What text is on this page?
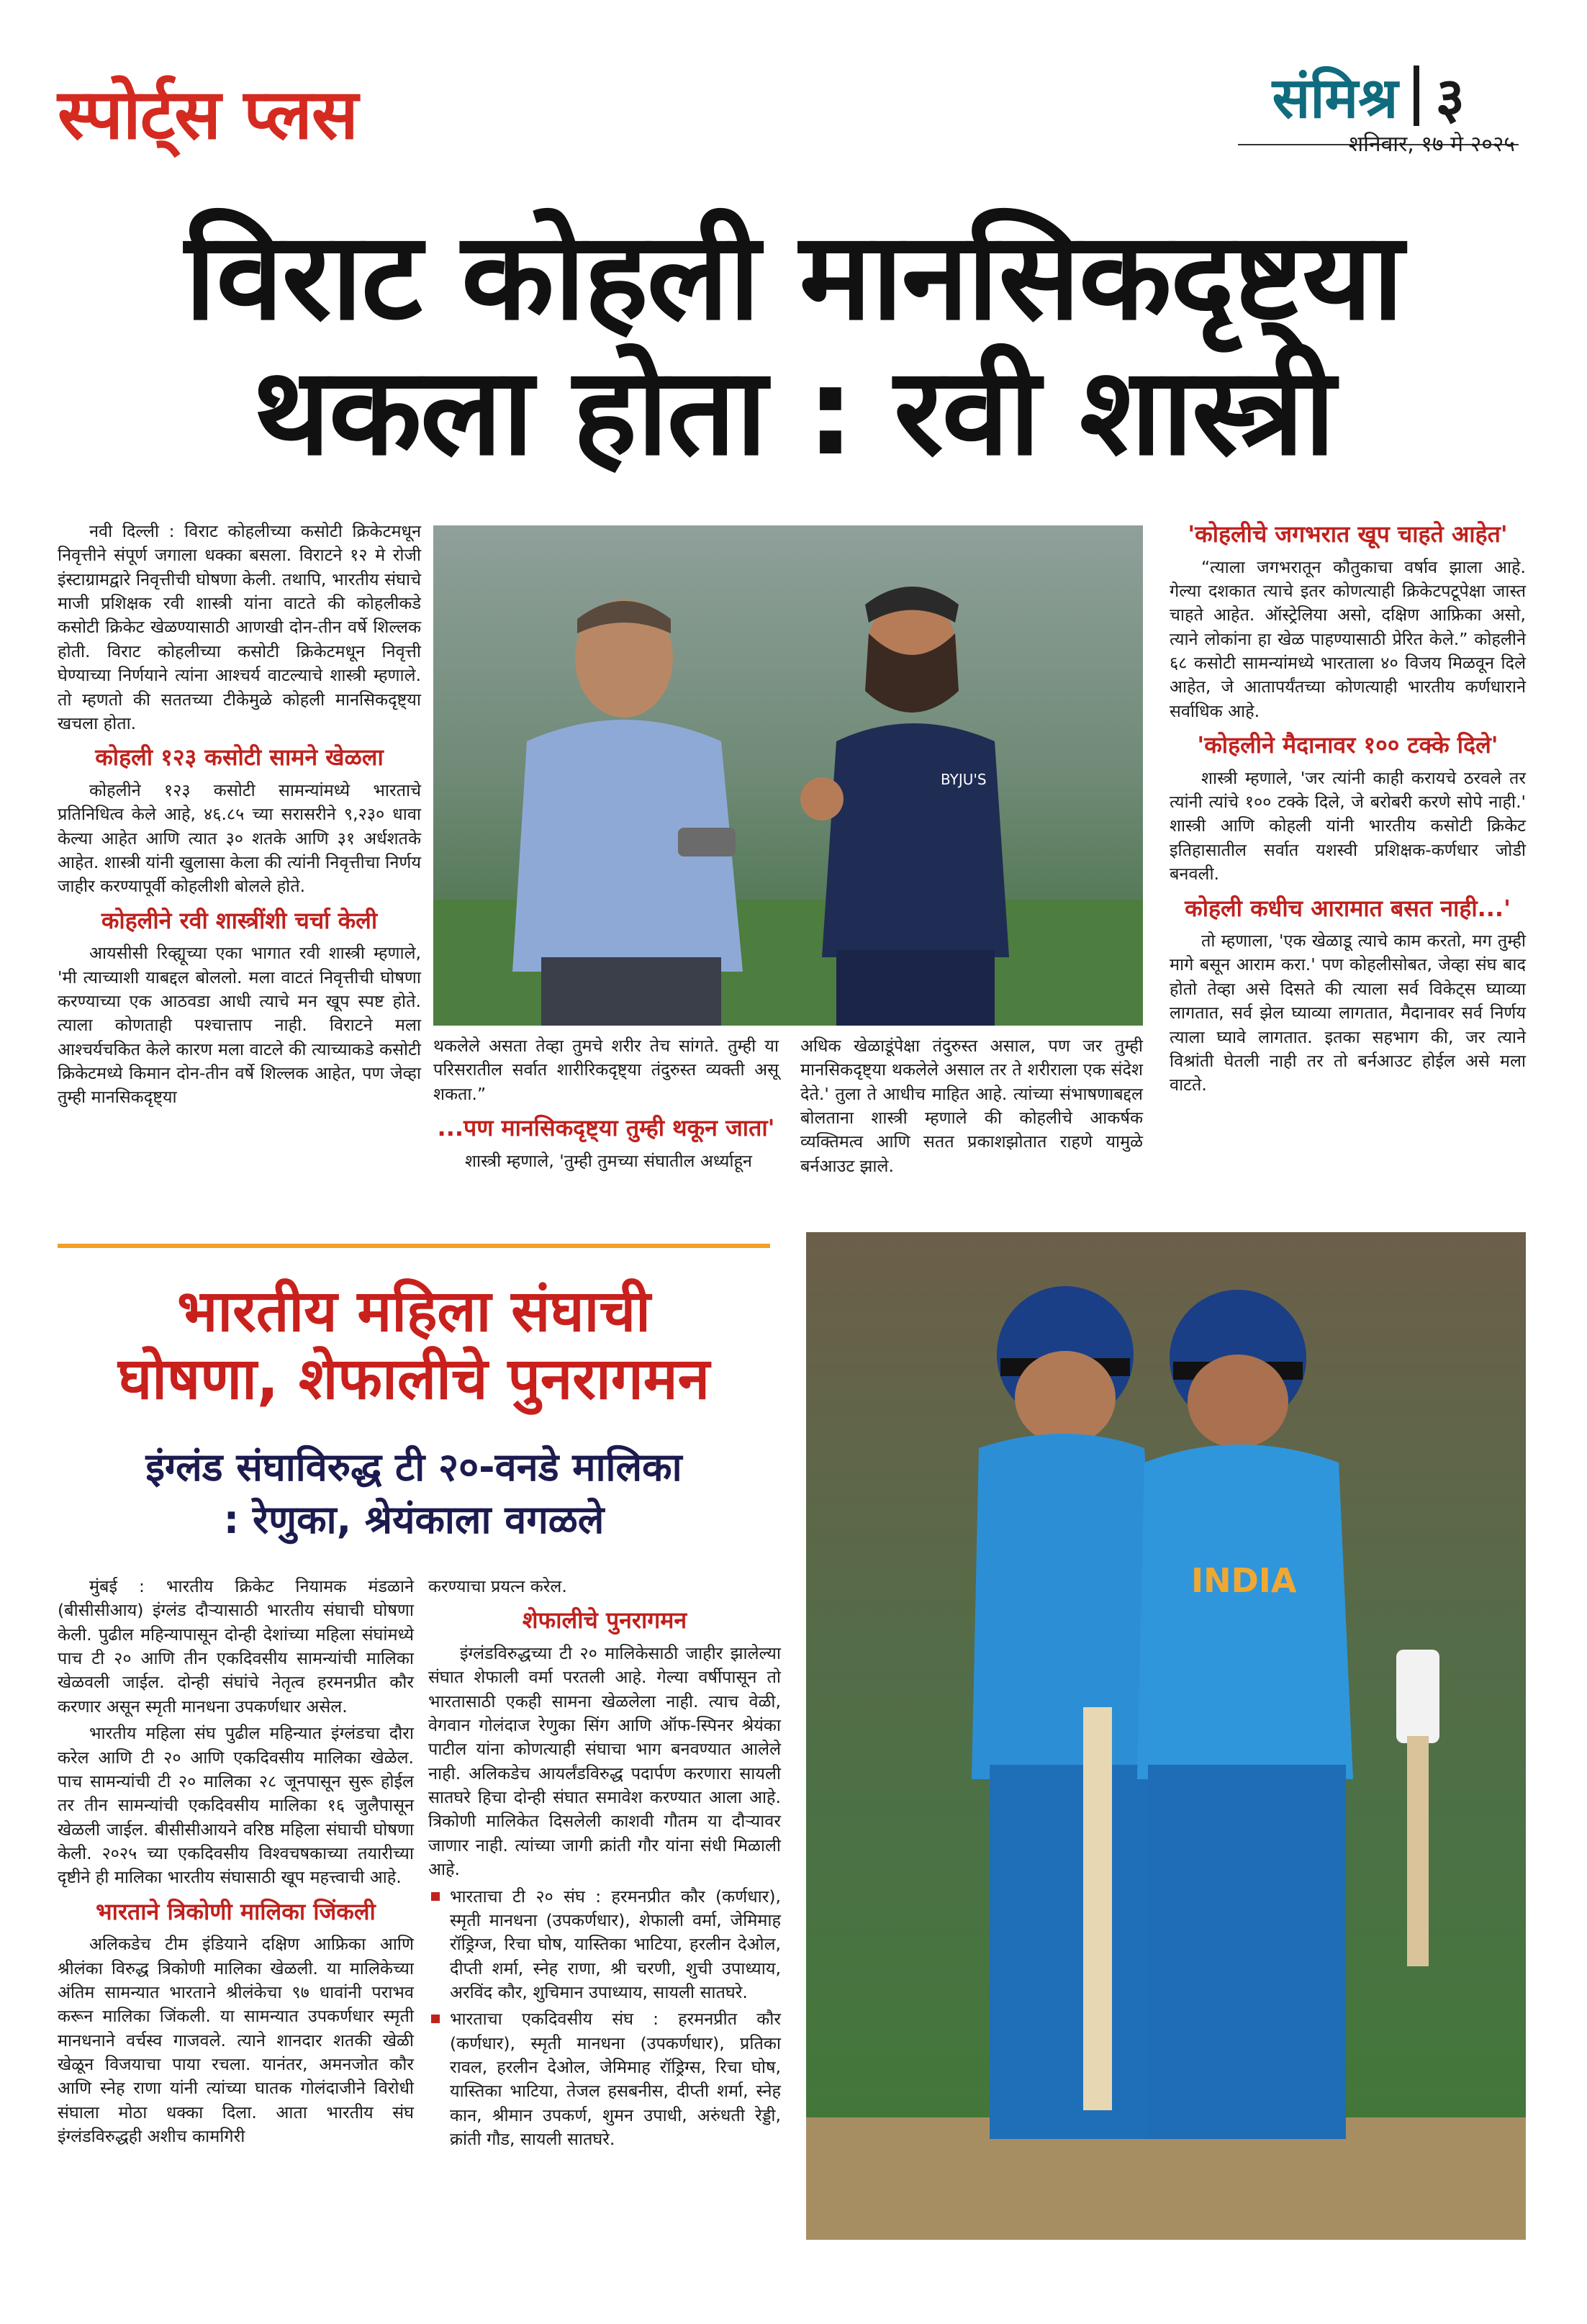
स्पोर्ट्स प्लस	संमिश्र ३
शनिवार, १७ मे २०२५
विराट कोहली मानसिकदृष्ट्या
थकला होता : रवी शास्त्री

नवी दिल्ली : विराट कोहलीच्या कसोटी क्रिकेटमधून निवृत्तीने संपूर्ण जगाला धक्का बसला. विराटने १२ मे रोजी इंस्टाग्रामद्वारे निवृत्तीची घोषणा केली. तथापि, भारतीय संघाचे माजी प्रशिक्षक रवी शास्त्री यांना वाटते की कोहलीकडे कसोटी क्रिकेट खेळण्यासाठी आणखी दोन-तीन वर्षे शिल्लक होती. विराट कोहलीच्या कसोटी क्रिकेटमधून निवृत्ती घेण्याच्या निर्णयाने त्यांना आश्चर्य वाटल्याचे शास्त्री म्हणाले. तो म्हणतो की सततच्या टीकेमुळे कोहली मानसिकदृष्ट्या खचला होता.

कोहली १२३ कसोटी सामने खेळला

कोहलीने १२३ कसोटी सामन्यांमध्ये भारताचे प्रतिनिधित्व केले आहे, ४६.८५ च्या सरासरीने ९,२३० धावा केल्या आहेत आणि त्यात ३० शतके आणि ३१ अर्धशतके आहेत. शास्त्री यांनी खुलासा केला की त्यांनी निवृत्तीचा निर्णय जाहीर करण्यापूर्वी कोहलीशी बोलले होते.

कोहलीने रवी शास्त्रींशी चर्चा केली

आयसीसी रिव्ह्यूच्या एका भागात रवी शास्त्री म्हणाले, 'मी त्याच्याशी याबद्दल बोललो. मला वाटतं निवृत्तीची घोषणा करण्याच्या एक आठवडा आधी त्याचे मन खूप स्पष्ट होते. त्याला कोणताही पश्चात्ताप नाही. विराटने मला आश्चर्यचकित केले कारण मला वाटले की त्याच्याकडे कसोटी क्रिकेटमध्ये किमान दोन-तीन वर्षे शिल्लक आहेत, पण जेव्हा तुम्ही मानसिकदृष्ट्या

BYJU'S

थकलेले असता तेव्हा तुमचे शरीर तेच सांगते. तुम्ही या परिसरातील सर्वात शारीरिकदृष्ट्या तंदुरुस्त व्यक्ती असू शकता.”

...पण मानसिकदृष्ट्या तुम्ही थकून जाता'

शास्त्री म्हणाले, 'तुम्ही तुमच्या संघातील अर्ध्याहून

अधिक खेळाडूंपेक्षा तंदुरुस्त असाल, पण जर तुम्ही मानसिकदृष्ट्या थकलेले असाल तर ते शरीराला एक संदेश देते.' तुला ते आधीच माहित आहे. त्यांच्या संभाषणाबद्दल बोलताना शास्त्री म्हणाले की कोहलीचे आकर्षक व्यक्तिमत्व आणि सतत प्रकाशझोतात राहणे यामुळे बर्नआउट झाले.

'कोहलीचे जगभरात खूप चाहते आहेत'

“त्याला जगभरातून कौतुकाचा वर्षाव झाला आहे. गेल्या दशकात त्याचे इतर कोणत्याही क्रिकेटपटूपेक्षा जास्त चाहते आहेत. ऑस्ट्रेलिया असो, दक्षिण आफ्रिका असो, त्याने लोकांना हा खेळ पाहण्यासाठी प्रेरित केले.” कोहलीने ६८ कसोटी सामन्यांमध्ये भारताला ४० विजय मिळवून दिले आहेत, जे आतापर्यंतच्या कोणत्याही भारतीय कर्णधाराने सर्वाधिक आहे.

'कोहलीने मैदानावर १०० टक्के दिले'

शास्त्री म्हणाले, 'जर त्यांनी काही करायचे ठरवले तर त्यांनी त्यांचे १०० टक्के दिले, जे बरोबरी करणे सोपे नाही.' शास्त्री आणि कोहली यांनी भारतीय कसोटी क्रिकेट इतिहासातील सर्वात यशस्वी प्रशिक्षक-कर्णधार जोडी बनवली.

कोहली कधीच आरामात बसत नाही...'

तो म्हणाला, 'एक खेळाडू त्याचे काम करतो, मग तुम्ही मागे बसून आराम करा.' पण कोहलीसोबत, जेव्हा संघ बाद होतो तेव्हा असे दिसते की त्याला सर्व विकेट्स घ्याव्या लागतात, सर्व झेल घ्याव्या लागतात, मैदानावर सर्व निर्णय त्याला घ्यावे लागतात. इतका सहभाग की, जर त्याने विश्रांती घेतली नाही तर तो बर्नआउट होईल असे मला वाटते.

भारतीय महिला संघाची
घोषणा, शेफालीचे पुनरागमन
इंग्लंड संघाविरुद्ध टी २०-वनडे मालिका
: रेणुका, श्रेयंकाला वगळले

मुंबई : भारतीय क्रिकेट नियामक मंडळाने (बीसीसीआय) इंग्लंड दौऱ्यासाठी भारतीय संघाची घोषणा केली. पुढील महिन्यापासून दोन्ही देशांच्या महिला संघांमध्ये पाच टी २० आणि तीन एकदिवसीय सामन्यांची मालिका खेळवली जाईल. दोन्ही संघांचे नेतृत्व हरमनप्रीत कौर करणार असून स्मृती मानधना उपकर्णधार असेल.

भारतीय महिला संघ पुढील महिन्यात इंग्लंडचा दौरा करेल आणि टी २० आणि एकदिवसीय मालिका खेळेल. पाच सामन्यांची टी २० मालिका २८ जूनपासून सुरू होईल तर तीन सामन्यांची एकदिवसीय मालिका १६ जुलैपासून खेळली जाईल. बीसीसीआयने वरिष्ठ महिला संघाची घोषणा केली. २०२५ च्या एकदिवसीय विश्वचषकाच्या तयारीच्या दृष्टीने ही मालिका भारतीय संघासाठी खूप महत्त्वाची आहे.

भारताने त्रिकोणी मालिका जिंकली

अलिकडेच टीम इंडियाने दक्षिण आफ्रिका आणि श्रीलंका विरुद्ध त्रिकोणी मालिका खेळली. या मालिकेच्या अंतिम सामन्यात भारताने श्रीलंकेचा ९७ धावांनी पराभव करून मालिका जिंकली. या सामन्यात उपकर्णधार स्मृती मानधनाने वर्चस्व गाजवले. त्याने शानदार शतकी खेळी खेळून विजयाचा पाया रचला. यानंतर, अमनजोत कौर आणि स्नेह राणा यांनी त्यांच्या घातक गोलंदाजीने विरोधी संघाला मोठा धक्का दिला. आता भारतीय संघ इंग्लंडविरुद्धही अशीच कामगिरी

करण्याचा प्रयत्न करेल.

शेफालीचे पुनरागमन

इंग्लंडविरुद्धच्या टी २० मालिकेसाठी जाहीर झालेल्या संघात शेफाली वर्मा परतली आहे. गेल्या वर्षीपासून तो भारतासाठी एकही सामना खेळलेला नाही. त्याच वेळी, वेगवान गोलंदाज रेणुका सिंग आणि ऑफ-स्पिनर श्रेयंका पाटील यांना कोणत्याही संघाचा भाग बनवण्यात आलेले नाही. अलिकडेच आयर्लंडविरुद्ध पदार्पण करणारा सायली सातघरे हिचा दोन्ही संघात समावेश करण्यात आला आहे. त्रिकोणी मालिकेत दिसलेली काशवी गौतम या दौऱ्यावर जाणार नाही. त्यांच्या जागी क्रांती गौर यांना संधी मिळाली आहे.

भारताचा टी २० संघ : हरमनप्रीत कौर (कर्णधार), स्मृती मानधना (उपकर्णधार), शेफाली वर्मा, जेमिमाह रॉड्रिग्ज, रिचा घोष, यास्तिका भाटिया, हरलीन देओल, दीप्ती शर्मा, स्नेह राणा, श्री चरणी, शुची उपाध्याय, अरविंद कौर, शुचिमान उपाध्याय, सायली सातघरे.

भारताचा एकदिवसीय संघ : हरमनप्रीत कौर (कर्णधार), स्मृती मानधना (उपकर्णधार), प्रतिका रावल, हरलीन देओल, जेमिमाह रॉड्रिग्स, रिचा घोष, यास्तिका भाटिया, तेजल हसबनीस, दीप्ती शर्मा, स्नेह कान, श्रीमान उपकर्ण, शुमन उपाधी, अरुंधती रेड्डी, क्रांती गौड, सायली सातघरे.

INDIA
